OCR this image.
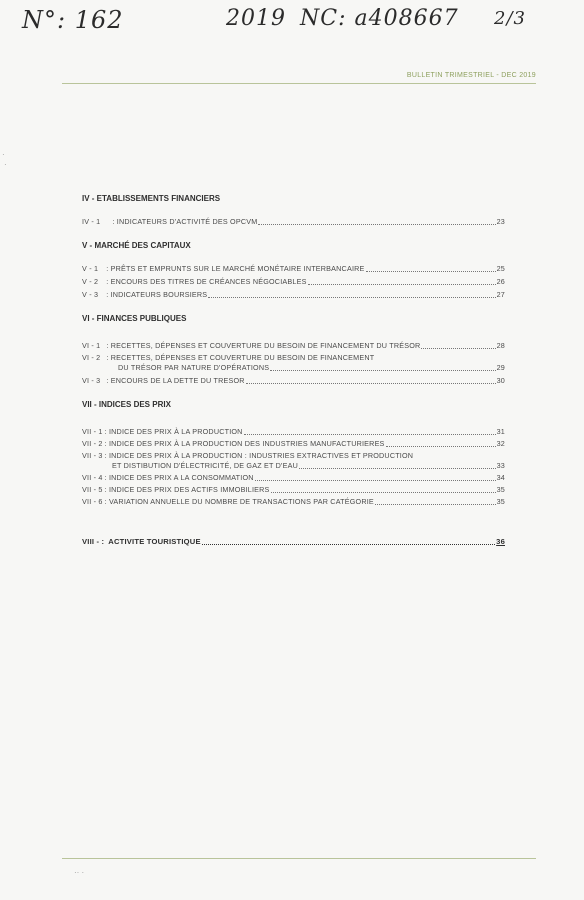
N°: 162	2019 NC: a408667 2/3
BULLETIN TRIMESTRIEL - DEC 2019
IV - ETABLISSEMENTS FINANCIERS
IV - 1 : INDICATEURS D'ACTIVITÉ DES OPCVM	23
V - MARCHÉ DES CAPITAUX
V - 1 : PRÊTS ET EMPRUNTS SUR LE MARCHÉ MONÉTAIRE INTERBANCAIRE	25
V - 2 : ENCOURS DES TITRES DE CRÉANCES NÉGOCIABLES	26
V - 3 : INDICATEURS BOURSIERS	27
VI - FINANCES PUBLIQUES
VI - 1 : RECETTES, DÉPENSES ET COUVERTURE DU BESOIN DE FINANCEMENT DU TRÉSOR	28
VI - 2 : RECETTES, DÉPENSES ET COUVERTURE DU BESOIN DE FINANCEMENT
DU TRÉSOR PAR NATURE D'OPÉRATIONS	29
VI - 3 : ENCOURS DE LA DETTE DU TRESOR	30
VII - INDICES DES PRIX
VII - 1 : INDICE DES PRIX À LA PRODUCTION	31
VII - 2 : INDICE DES PRIX À LA PRODUCTION DES INDUSTRIES MANUFACTURIERES	32
VII - 3 : INDICE DES PRIX À LA PRODUCTION : INDUSTRIES EXTRACTIVES ET PRODUCTION
ET DISTIBUTION D'ÉLECTRICITÉ, DE GAZ ET D'EAU	33
VII - 4 : INDICE DES PRIX A LA CONSOMMATION	34
VII - 5 : INDICE DES PRIX DES ACTIFS IMMOBILIERS	35
VII - 6 : VARIATION ANNUELLE DU NOMBRE DE TRANSACTIONS PAR CATÉGORIE	35
VIII - : ACTIVITE TOURISTIQUE	36
·· ·
·
·
